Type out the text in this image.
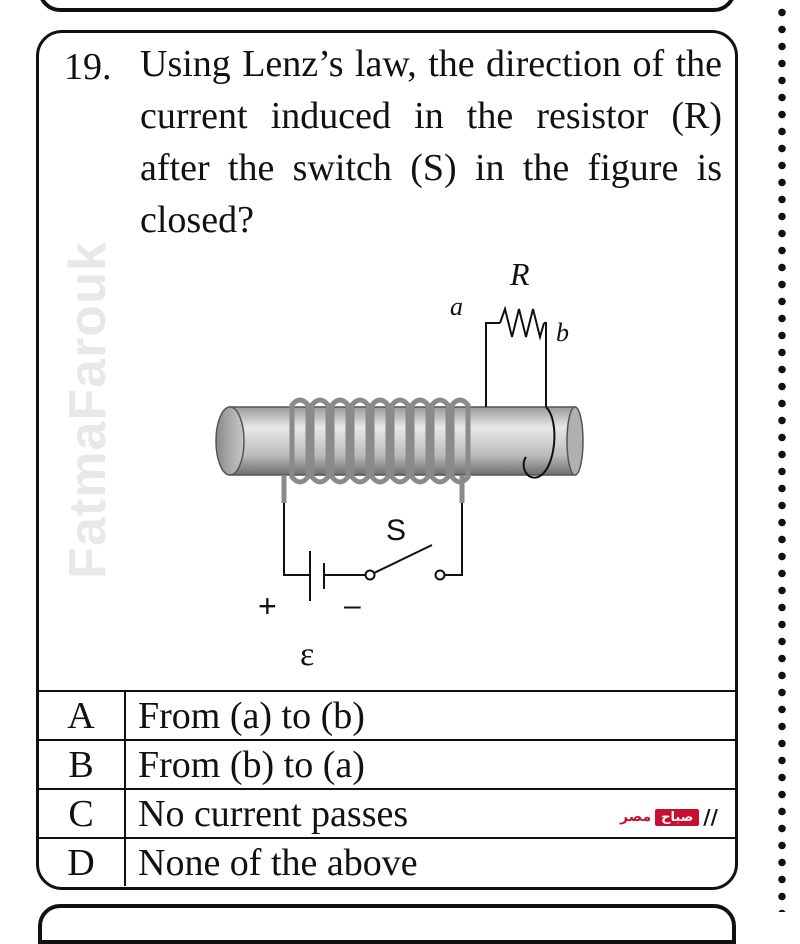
FatmaFarouk
19. Using Lenz’s law, the direction of the current induced in the resistor (R) after the switch (S) in the figure is closed?
R
a
b
S
+ –
ε
A	From (a) to (b)
B	From (b) to (a)
C	No current passes
D	None of the above
مصر صباح //
